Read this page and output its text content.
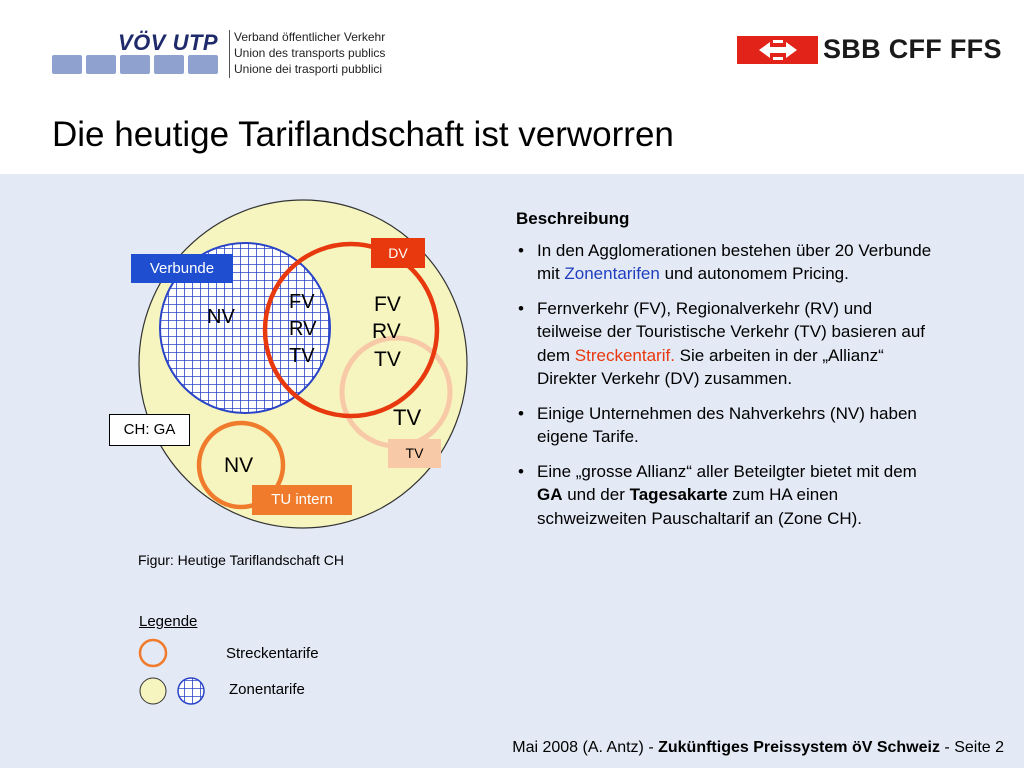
VÖV UTP Verband öffentlicher Verkehr
Union des transports publics
Unione dei trasporti pubblici
SBB CFF FFS
Die heutige Tariflandschaft ist verworren
Verbunde
DV
CH: GA
TV
TU intern
NV
FV
RV
TV
FV
RV
TV
TV
NV
Figur: Heutige Tariflandschaft CH
Legende
Streckentarife
Zonentarife
Beschreibung
• In den Agglomerationen bestehen über 20 Verbunde mit Zonentarifen und autonomem Pricing.
• Fernverkehr (FV), Regionalverkehr (RV) und teilweise der Touristische Verkehr (TV) basieren auf dem Streckentarif. Sie arbeiten in der „Allianz“ Direkter Verkehr (DV) zusammen.
• Einige Unternehmen des Nahverkehrs (NV) haben eigene Tarife.
• Eine „grosse Allianz“ aller Beteilgter bietet mit dem GA und der Tagesakarte zum HA einen schweizweiten Pauschaltarif an (Zone CH).
Mai 2008 (A. Antz) - Zukünftiges Preissystem öV Schweiz - Seite 2
